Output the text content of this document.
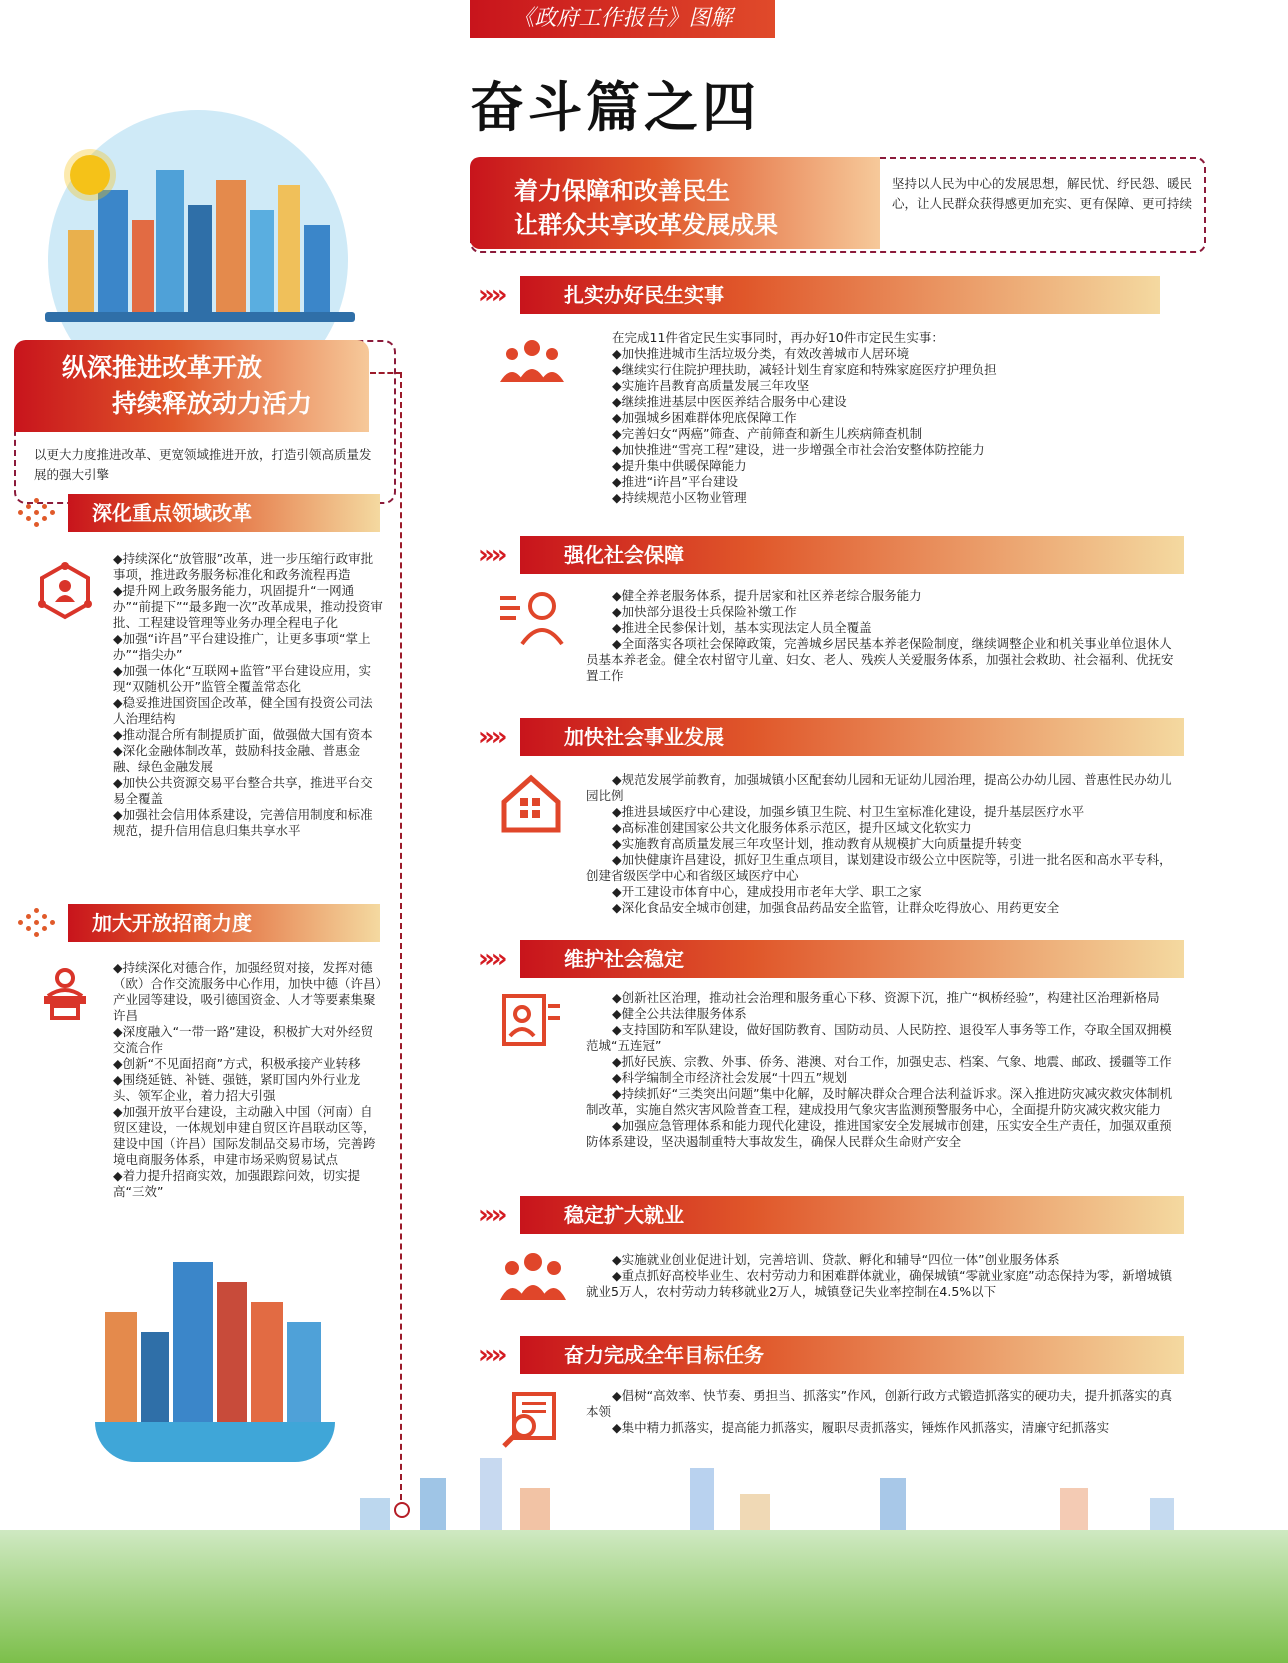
《政府工作报告》图解
奋斗篇之四
纵深推进改革开放
持续释放动力活力
以更大力度推进改革、更宽领域推进开放，打造引领高质量发展的强大引擎
深化重点领域改革

◆持续深化“放管服”改革，进一步压缩行政审批事项，推进政务服务标准化和政务流程再造

◆提升网上政务服务能力，巩固提升“一网通办”“前提下”“最多跑一次”改革成果，推动投资审批、工程建设管理等业务办理全程电子化

◆加强“i许昌”平台建设推广，让更多事项“掌上办”“指尖办”

◆加强一体化“互联网+监管”平台建设应用，实现“双随机公开”监管全覆盖常态化

◆稳妥推进国资国企改革，健全国有投资公司法人治理结构

◆推动混合所有制提质扩面，做强做大国有资本

◆深化金融体制改革，鼓励科技金融、普惠金融、绿色金融发展

◆加快公共资源交易平台整合共享，推进平台交易全覆盖

◆加强社会信用体系建设，完善信用制度和标准规范，提升信用信息归集共享水平

加大开放招商力度

◆持续深化对德合作，加强经贸对接，发挥对德（欧）合作交流服务中心作用，加快中德（许昌）产业园等建设，吸引德国资金、人才等要素集聚许昌

◆深度融入“一带一路”建设，积极扩大对外经贸交流合作

◆创新“不见面招商”方式，积极承接产业转移

◆围绕延链、补链、强链，紧盯国内外行业龙头、领军企业，着力招大引强

◆加强开放平台建设，主动融入中国（河南）自贸区建设，一体规划申建自贸区许昌联动区等，建设中国（许昌）国际发制品交易市场，完善跨境电商服务体系，申建市场采购贸易试点

◆着力提升招商实效，加强跟踪问效，切实提高“三效”

着力保障和改善民生
让群众共享改革发展成果
坚持以人民为中心的发展思想，解民忧、纾民怨、暖民心，让人民群众获得感更加充实、更有保障、更可持续
»»	扎实办好民生实事

在完成11件省定民生实事同时，再办好10件市定民生实事：

◆加快推进城市生活垃圾分类，有效改善城市人居环境

◆继续实行住院护理扶助，减轻计划生育家庭和特殊家庭医疗护理负担

◆实施许昌教育高质量发展三年攻坚

◆继续推进基层中医医养结合服务中心建设

◆加强城乡困难群体兜底保障工作

◆完善妇女“两癌”筛查、产前筛查和新生儿疾病筛查机制

◆加快推进“雪亮工程”建设，进一步增强全市社会治安整体防控能力

◆提升集中供暖保障能力

◆推进“i许昌”平台建设

◆持续规范小区物业管理

»»	强化社会保障

◆健全养老服务体系，提升居家和社区养老综合服务能力

◆加快部分退役士兵保险补缴工作

◆推进全民参保计划，基本实现法定人员全覆盖

◆全面落实各项社会保障政策，完善城乡居民基本养老保险制度，继续调整企业和机关事业单位退休人员基本养老金。健全农村留守儿童、妇女、老人、残疾人关爱服务体系，加强社会救助、社会福利、优抚安置工作

»»	加快社会事业发展

◆规范发展学前教育，加强城镇小区配套幼儿园和无证幼儿园治理，提高公办幼儿园、普惠性民办幼儿园比例

◆推进县域医疗中心建设，加强乡镇卫生院、村卫生室标准化建设，提升基层医疗水平

◆高标准创建国家公共文化服务体系示范区，提升区域文化软实力

◆实施教育高质量发展三年攻坚计划，推动教育从规模扩大向质量提升转变

◆加快健康许昌建设，抓好卫生重点项目，谋划建设市级公立中医院等，引进一批名医和高水平专科，创建省级医学中心和省级区域医疗中心

◆开工建设市体育中心，建成投用市老年大学、职工之家

◆深化食品安全城市创建，加强食品药品安全监管，让群众吃得放心、用药更安全

»»	维护社会稳定

◆创新社区治理，推动社会治理和服务重心下移、资源下沉，推广“枫桥经验”，构建社区治理新格局

◆健全公共法律服务体系

◆支持国防和军队建设，做好国防教育、国防动员、人民防控、退役军人事务等工作，夺取全国双拥模范城“五连冠”

◆抓好民族、宗教、外事、侨务、港澳、对台工作，加强史志、档案、气象、地震、邮政、援疆等工作

◆科学编制全市经济社会发展“十四五”规划

◆持续抓好“三类突出问题”集中化解，及时解决群众合理合法利益诉求。深入推进防灾减灾救灾体制机制改革，实施自然灾害风险普查工程，建成投用气象灾害监测预警服务中心，全面提升防灾减灾救灾能力

◆加强应急管理体系和能力现代化建设，推进国家安全发展城市创建，压实安全生产责任，加强双重预防体系建设，坚决遏制重特大事故发生，确保人民群众生命财产安全

»»	稳定扩大就业

◆实施就业创业促进计划，完善培训、贷款、孵化和辅导“四位一体”创业服务体系

◆重点抓好高校毕业生、农村劳动力和困难群体就业，确保城镇“零就业家庭”动态保持为零，新增城镇就业5万人，农村劳动力转移就业2万人，城镇登记失业率控制在4.5%以下

»»	奋力完成全年目标任务

◆倡树“高效率、快节奏、勇担当、抓落实”作风，创新行政方式锻造抓落实的硬功夫，提升抓落实的真本领

◆集中精力抓落实，提高能力抓落实，履职尽责抓落实，锤炼作风抓落实，清廉守纪抓落实
